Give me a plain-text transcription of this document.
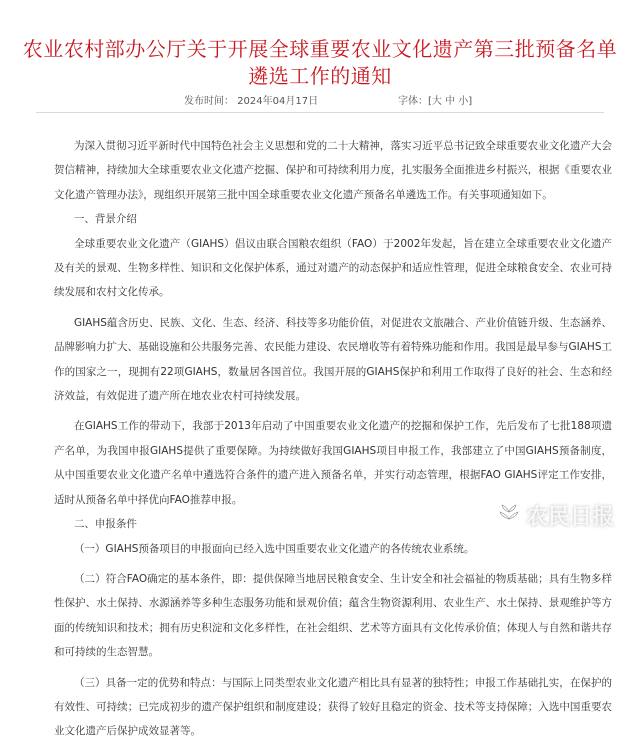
农业农村部办公厅关于开展全球重要农业文化遗产第三批预备名单
遴选工作的通知
发布时间： 2024年04月17日	字体：[大 中 小]

为深入贯彻习近平新时代中国特色社会主义思想和党的二十大精神，落实习近平总书记致全球重要农业文化遗产大会贺信精神，持续加大全球重要农业文化遗产挖掘、保护和可持续利用力度，扎实服务全面推进乡村振兴，根据《重要农业文化遗产管理办法》，现组织开展第三批中国全球重要农业文化遗产预备名单遴选工作。有关事项通知如下。

一、背景介绍

全球重要农业文化遗产（GIAHS）倡议由联合国粮农组织（FAO）于2002年发起，旨在建立全球重要农业文化遗产及有关的景观、生物多样性、知识和文化保护体系，通过对遗产的动态保护和适应性管理，促进全球粮食安全、农业可持续发展和农村文化传承。

GIAHS蕴含历史、民族、文化、生态、经济、科技等多功能价值，对促进农文旅融合、产业价值链升级、生态涵养、品牌影响力扩大、基础设施和公共服务完善、农民能力建设、农民增收等有着特殊功能和作用。我国是最早参与GIAHS工作的国家之一，现拥有22项GIAHS，数量居各国首位。我国开展的GIAHS保护和利用工作取得了良好的社会、生态和经济效益，有效促进了遗产所在地农业农村可持续发展。

在GIAHS工作的带动下，我部于2013年启动了中国重要农业文化遗产的挖掘和保护工作，先后发布了七批188项遗产名单，为我国申报GIAHS提供了重要保障。为持续做好我国GIAHS项目申报工作，我部建立了中国GIAHS预备制度，从中国重要农业文化遗产名单中遴选符合条件的遗产进入预备名单，并实行动态管理，根据FAO GIAHS评定工作安排，适时从预备名单中择优向FAO推荐申报。

二、申报条件

（一）GIAHS预备项目的申报面向已经入选中国重要农业文化遗产的各传统农业系统。

（二）符合FAO确定的基本条件，即：提供保障当地居民粮食安全、生计安全和社会福祉的物质基础；具有生物多样性保护、水土保持、水源涵养等多种生态服务功能和景观价值；蕴含生物资源利用、农业生产、水土保持、景观维护等方面的传统知识和技术；拥有历史积淀和文化多样性，在社会组织、艺术等方面具有文化传承价值；体现人与自然和谐共存和可持续的生态智慧。

（三）具备一定的优势和特点：与国际上同类型农业文化遗产相比具有显著的独特性；申报工作基础扎实，在保护的有效性、可持续；已完成初步的遗产保护组织和制度建设；获得了较好且稳定的资金、技术等支持保障；入选中国重要农业文化遗产后保护成效显著等。

农民日报
